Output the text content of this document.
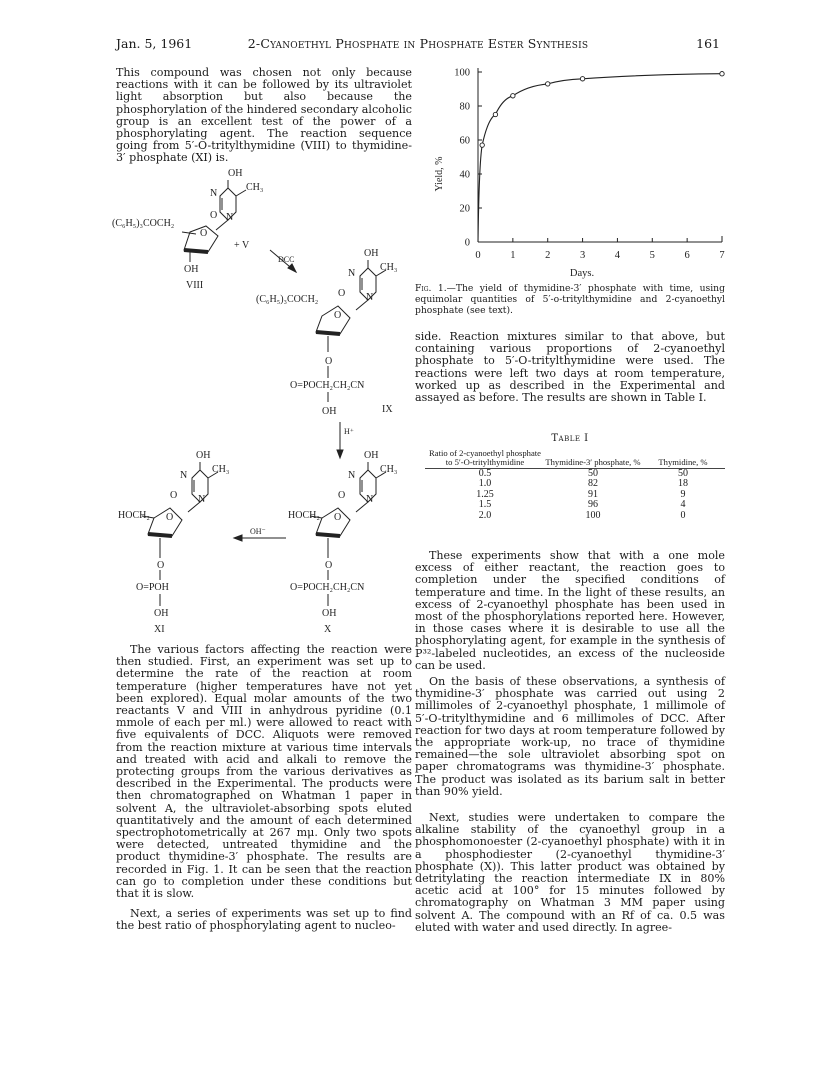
Jan. 5, 1961	2-Cyanoethyl Phosphate in Phosphate Ester Synthesis	161
This compound was chosen not only because reactions with it can be followed by its ultraviolet light absorption but also because the phosphorylation of the hindered secondary alcoholic group is an excellent test of the power of a phosphorylating agent. The reaction sequence going from 5′-O-tritylthymidine (VIII) to thymidine-3′ phosphate (XI) is.
OH
CH₃
N
O N
(C₆H₅)₃COCH₂
O
+ V
DCC
OH
VIII
OH
CH₃
N
O N
(C₆H₅)₃COCH₂
O
O
O=POCH₂CH₂CN
OH	IX
H⁺
OH
CH₃
N
O N
HOCH₂ O
O
O=POCH₂CH₂CN
OH
X
OH⁻
OH
CH₃
N
O N
HOCH₂ O
O
O=POH
OH
XI
The various factors affecting the reaction were then studied. First, an experiment was set up to determine the rate of the reaction at room temperature (higher temperatures have not yet been explored). Equal molar amounts of the two reactants V and VIII in anhydrous pyridine (0.1 mmole of each per ml.) were allowed to react with five equivalents of DCC. Aliquots were removed from the reaction mixture at various time intervals and treated with acid and alkali to remove the protecting groups from the various derivatives as described in the Experimental. The products were then chromatographed on Whatman 1 paper in solvent A, the ultraviolet-absorbing spots eluted quantitatively and the amount of each determined spectrophotometrically at 267 mμ. Only two spots were detected, untreated thymidine and the product thymidine-3′ phosphate. The results are recorded in Fig. 1. It can be seen that the reaction can go to completion under these conditions but that it is slow.
Next, a series of experiments was set up to find the best ratio of phosphorylating agent to nucleo-
0
20
40
60
80
100
0	1	2	3	4	5	6	7
Yield, %
Days.
Fig. 1.—The yield of thymidine-3′ phosphate with time, using equimolar quantities of 5′-o-tritylthymidine and 2-cyanoethyl phosphate (see text).
side. Reaction mixtures similar to that above, but containing various proportions of 2-cyanoethyl phosphate to 5′-O-tritylthymidine were used. The reactions were left two days at room temperature, worked up as described in the Experimental and assayed as before. The results are shown in Table I.
Table I
Ratio of 2-cyanoethyl phosphate to 5′-O-tritylthymidine	Thymidine-3′ phosphate, %	Thymidine, %
0.5	50	50
1.0	82	18
1.25	91	9
1.5	96	4
2.0	100	0
These experiments show that with a one mole excess of either reactant, the reaction goes to completion under the specified conditions of temperature and time. In the light of these results, an excess of 2-cyanoethyl phosphate has been used in most of the phosphorylations reported here. However, in those cases where it is desirable to use all the phosphorylating agent, for example in the synthesis of P³²-labeled nucleotides, an excess of the nucleoside can be used.
On the basis of these observations, a synthesis of thymidine-3′ phosphate was carried out using 2 millimoles of 2-cyanoethyl phosphate, 1 millimole of 5′-O-tritylthymidine and 6 millimoles of DCC. After reaction for two days at room temperature followed by the appropriate work-up, no trace of thymidine remained—the sole ultraviolet absorbing spot on paper chromatograms was thymidine-3′ phosphate. The product was isolated as its barium salt in better than 90% yield.
Next, studies were undertaken to compare the alkaline stability of the cyanoethyl group in a phosphomonoester (2-cyanoethyl phosphate) with it in a phosphodiester (2-cyanoethyl thymidine-3′ phosphate (X)). This latter product was obtained by detritylating the reaction intermediate IX in 80% acetic acid at 100° for 15 minutes followed by chromatography on Whatman 3 MM paper using solvent A. The compound with an Rf of ca. 0.5 was eluted with water and used directly. In agree-
